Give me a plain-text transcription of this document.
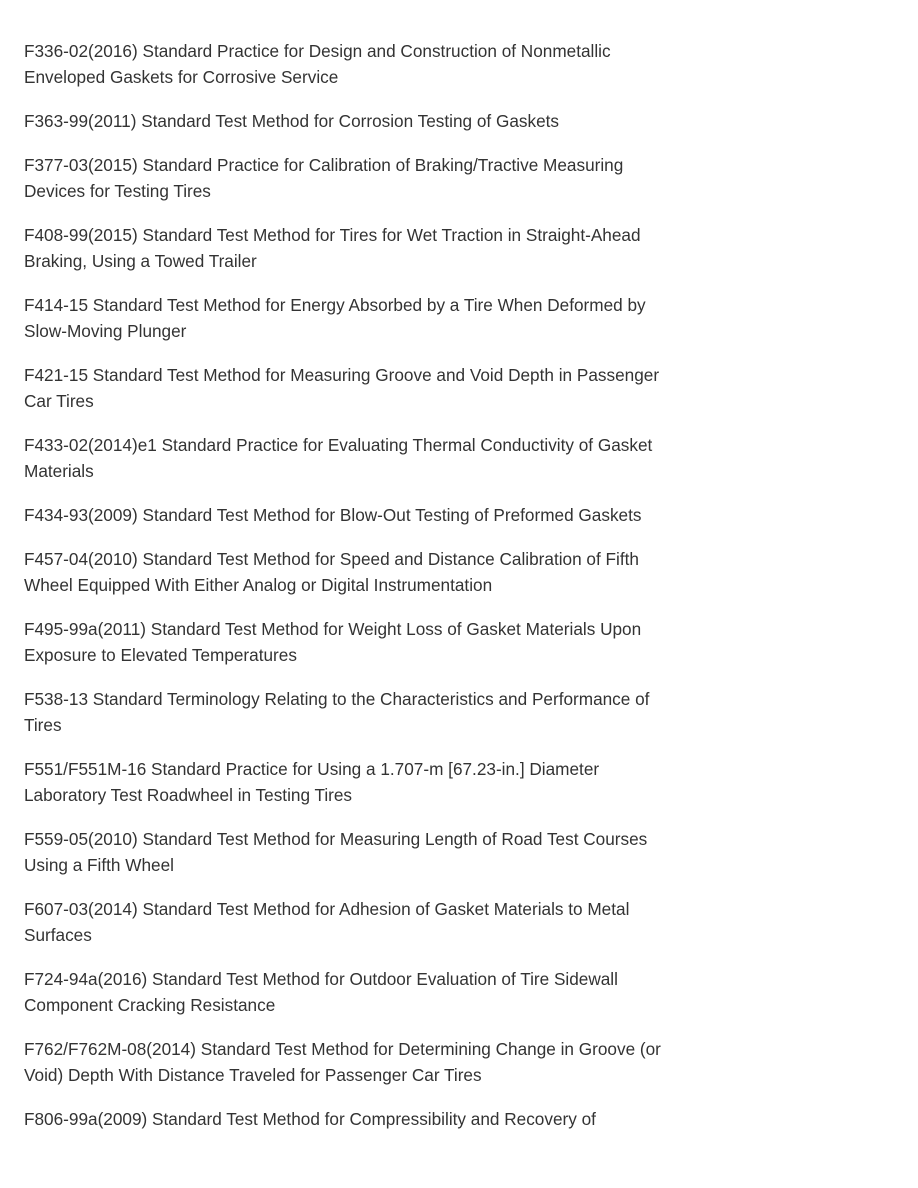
F336-02(2016) Standard Practice for Design and Construction of Nonmetallic Enveloped Gaskets for Corrosive Service

F363-99(2011) Standard Test Method for Corrosion Testing of Gaskets

F377-03(2015) Standard Practice for Calibration of Braking/Tractive Measuring Devices for Testing Tires

F408-99(2015) Standard Test Method for Tires for Wet Traction in Straight-Ahead Braking, Using a Towed Trailer

F414-15 Standard Test Method for Energy Absorbed by a Tire When Deformed by Slow-Moving Plunger

F421-15 Standard Test Method for Measuring Groove and Void Depth in Passenger Car Tires

F433-02(2014)e1 Standard Practice for Evaluating Thermal Conductivity of Gasket Materials

F434-93(2009) Standard Test Method for Blow-Out Testing of Preformed Gaskets

F457-04(2010) Standard Test Method for Speed and Distance Calibration of Fifth Wheel Equipped With Either Analog or Digital Instrumentation

F495-99a(2011) Standard Test Method for Weight Loss of Gasket Materials Upon Exposure to Elevated Temperatures

F538-13 Standard Terminology Relating to the Characteristics and Performance of Tires

F551/F551M-16 Standard Practice for Using a 1.707-m [67.23-in.] Diameter Laboratory Test Roadwheel in Testing Tires

F559-05(2010) Standard Test Method for Measuring Length of Road Test Courses Using a Fifth Wheel

F607-03(2014) Standard Test Method for Adhesion of Gasket Materials to Metal Surfaces

F724-94a(2016) Standard Test Method for Outdoor Evaluation of Tire Sidewall Component Cracking Resistance

F762/F762M-08(2014) Standard Test Method for Determining Change in Groove (or Void) Depth With Distance Traveled for Passenger Car Tires

F806-99a(2009) Standard Test Method for Compressibility and Recovery of
